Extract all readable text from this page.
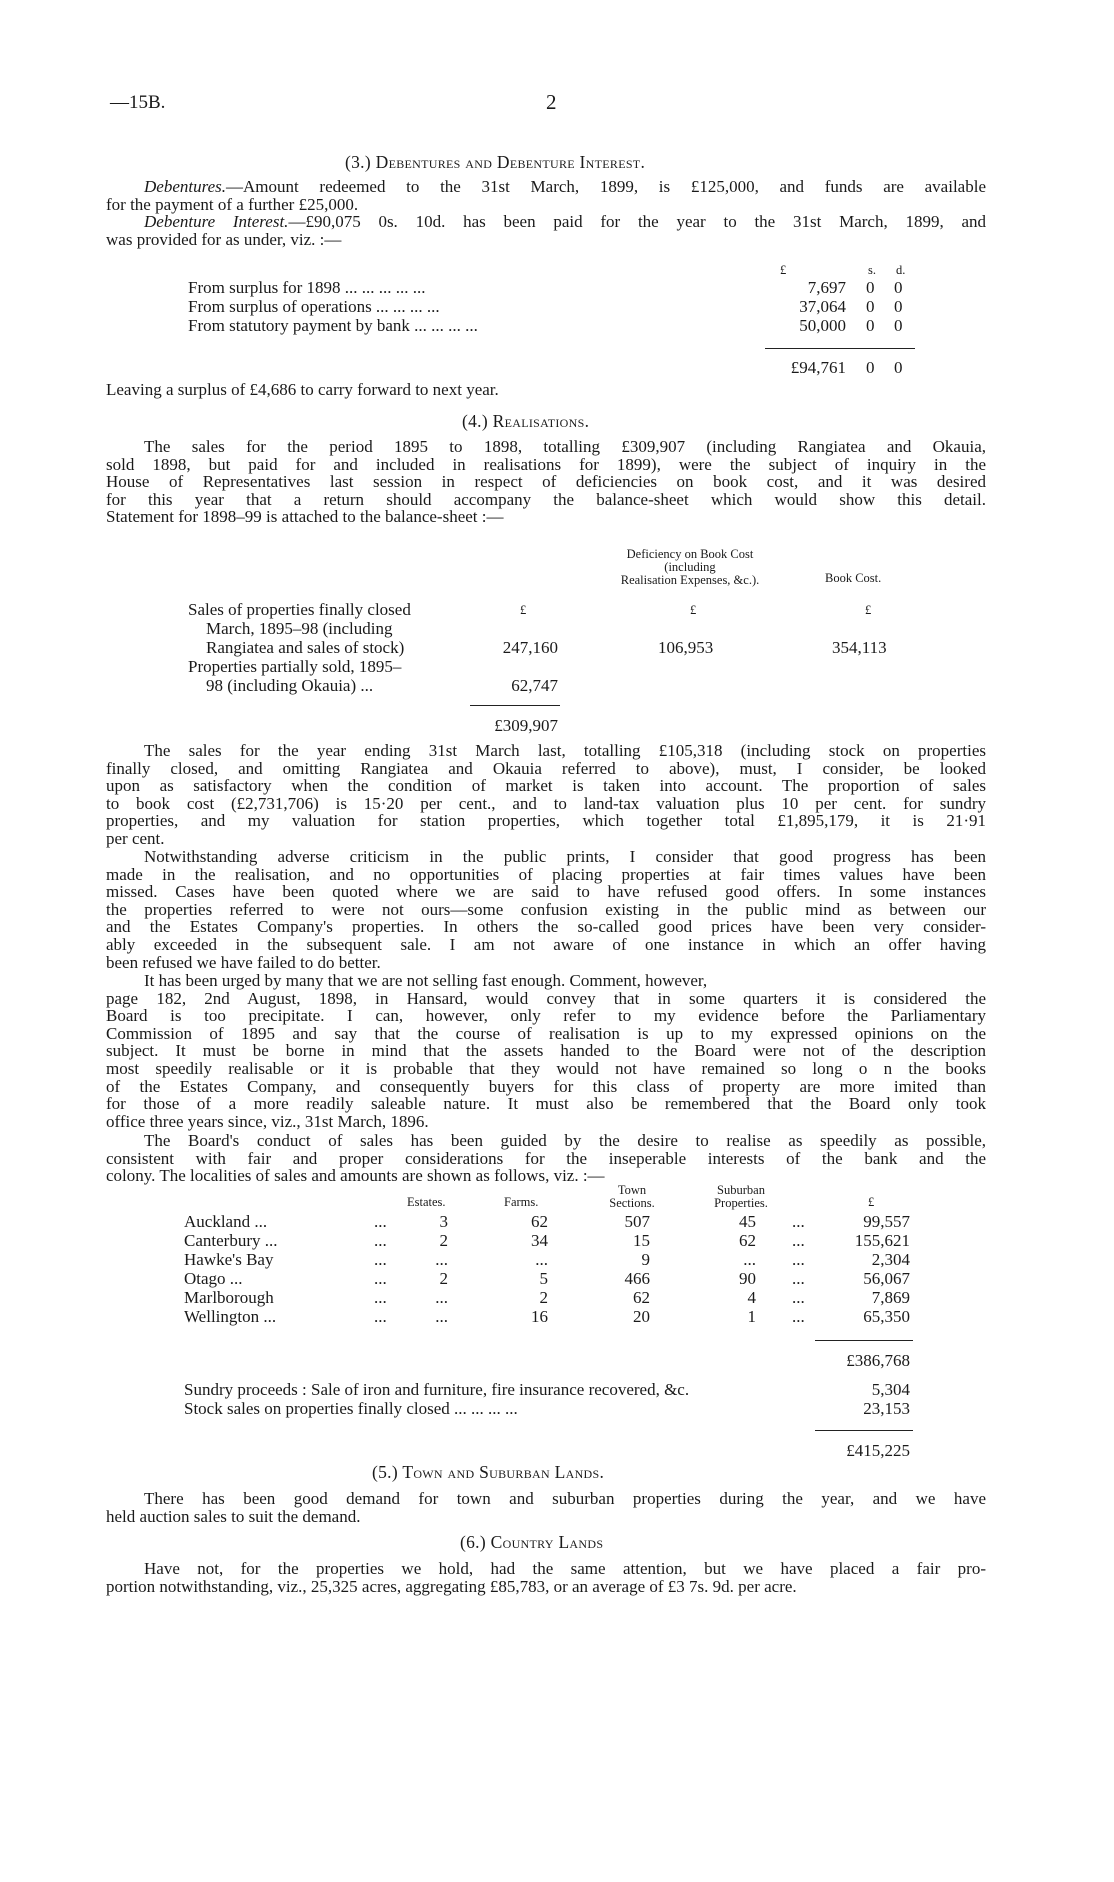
—15B.	2
(3.) Debentures and Debenture Interest.
Debentures.—Amount redeemed to the 31st March, 1899, is £125,000, and funds are available
for the payment of a further £25,000.
Debenture Interest.—£90,075 0s. 10d. has been paid for the year to the 31st March, 1899, and
was provided for as under, viz. :—
£	s. d.
From surplus for 1898 ... ... ... ... ...	7,697 0 0
From surplus of operations ... ... ... ...	37,064 0 0
From statutory payment by bank ... ... ... ...	50,000 0 0
£94,761 0 0
Leaving a surplus of £4,686 to carry forward to next year.
(4.) Realisations.
The sales for the period 1895 to 1898, totalling £309,907 (including Rangiatea and Okauia,
sold 1898, but paid for and included in realisations for 1899), were the subject of inquiry in the
House of Representatives last session in respect of deficiencies on book cost, and it was desired
for this year that a return should accompany the balance-sheet which would show this detail.
Statement for 1898–99 is attached to the balance-sheet :—
Deficiency on Book Cost
(including
Realisation Expenses, &c.).	Book Cost.
£	£	£
Sales of properties finally closed
March, 1895–98 (including
Rangiatea and sales of stock)	247,160	106,953	354,113
Properties partially sold, 1895–
98 (including Okauia) ...	62,747
£309,907
The sales for the year ending 31st March last, totalling £105,318 (including stock on properties
finally closed, and omitting Rangiatea and Okauia referred to above), must, I consider, be looked
upon as satisfactory when the condition of market is taken into account. The proportion of sales
to book cost (£2,731,706) is 15·20 per cent., and to land-tax valuation plus 10 per cent. for sundry
properties, and my valuation for station properties, which together total £1,895,179, it is 21·91
per cent.
Notwithstanding adverse criticism in the public prints, I consider that good progress has been
made in the realisation, and no opportunities of placing properties at fair times values have been
missed. Cases have been quoted where we are said to have refused good offers. In some instances
the properties referred to were not ours—some confusion existing in the public mind as between our
and the Estates Company's properties. In others the so-called good prices have been very consider-
ably exceeded in the subsequent sale. I am not aware of one instance in which an offer having
been refused we have failed to do better.
It has been urged by many that we are not selling fast enough. Comment, however,
page 182, 2nd August, 1898, in Hansard, would convey that in some quarters it is considered the
Board is too precipitate. I can, however, only refer to my evidence before the Parliamentary
Commission of 1895 and say that the course of realisation is up to my expressed opinions on the
subject. It must be borne in mind that the assets handed to the Board were not of the description
most speedily realisable or it is probable that they would not have remained so long o n the books
of the Estates Company, and consequently buyers for this class of property are more imited than
for those of a more readily saleable nature. It must also be remembered that the Board only took
office three years since, viz., 31st March, 1896.
The Board's conduct of sales has been guided by the desire to realise as speedily as possible,
consistent with fair and proper considerations for the inseperable interests of the bank and the
colony. The localities of sales and amounts are shown as follows, viz. :—
Estates.	Farms.
Town
Sections.
Suburban
Properties.	£
Auckland ...	...	3	62	507	45 ...	99,557
Canterbury ...	...	2	34	15	62 ...	155,621
Hawke's Bay	...	...	...	9	... ...	2,304
Otago ...	...	2	5	466	90 ...	56,067
Marlborough	...	...	2	62	4 ...	7,869
Wellington ...	...	...	16	20	1 ...	65,350
£386,768
Sundry proceeds : Sale of iron and furniture, fire insurance recovered, &c.	5,304
Stock sales on properties finally closed ... ... ... ...	23,153
£415,225
(5.) Town and Suburban Lands.
There has been good demand for town and suburban properties during the year, and we have
held auction sales to suit the demand.
(6.) Country Lands
Have not, for the properties we hold, had the same attention, but we have placed a fair pro-
portion notwithstanding, viz., 25,325 acres, aggregating £85,783, or an average of £3 7s. 9d. per acre.
